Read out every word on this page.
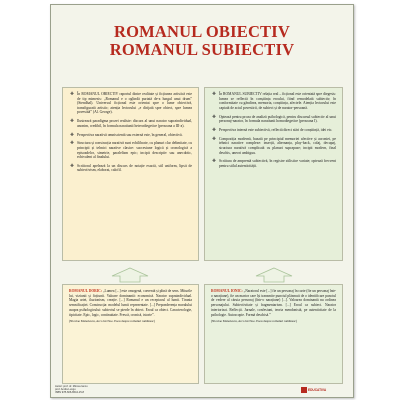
ROMANUL OBIECTIV
ROMANUL SUBIECTIV
❖ În ROMANUL OBIECTIV raportul dintre realitate și ficțiunea artistică este de tip mimesis: „Romanul e o oglindă purtată de-a lungul unui drum” (Stendhal). Universul ficțional este orientat spre o lume obiectivă, transfigurată artistic; atenția lectorului „e dirijată spre obiect, spre lumea povestită” (Al. George).
❖ Ilustrează paradigma prozei realiste: discurs al unui narator supraindividual, anonim, credibil, în formula naratiunii heterodiegetice (persoana a III-a).
❖ Perspectiva narativă omniscientă sau externă este, în general, obiectivă.
❖ Structura și construcția narativă sunt echilibrate, cu planuri clar delimitate, cu principii și tehnici narative clasice: succesiune logică și cronologică a episoadelor, simetrie, paralelism epic; incipit descriptiv sau anecdotic, echivalent al finalului.
❖ Scriitorul apelează la un discurs de notație exactă, stil uniform, lipsit de subiectivism, elaborat, calofil.
❖ În ROMANUL SUBIECTIV relația real – ficțional este orientată spre diegesis: lumea se reflectă în conștiința eroului, fiind remodelată subiectiv, în conformitate cu gândirea, memoria, conștiința, afectele. Atenția lectorului este captată de actul povestirii, de subiect și de narator-persoană.
❖ Optează pentru proza de analiză psihologică, pentru discursul subiectiv al unui personaj-narator, în formula naratiunii homodiegetice (persoana I).
❖ Perspectiva internă este subiectivă, reflectă direct stări de conștiință, idei etc.
❖ Compoziția modernă, bazată pe principiul memoriei afective și acroniei, pe tehnici narative complexe: inserții, alternanța, play-back, colaj, decupaj, structura narativă complicată cu planuri suprapuse; incipit modern, final deschis, uneori ambiguu.
❖ Scriitura de amprentă subiectivă, în registre stilistice variate; optează frecvent pentru stilul autenticității.
ROMANUL DORIC: „Lumea [...] este omogenă, coerentă și plină de sens. Miturile lui, viziunii și ficțiunii. Valoare dominantă: economică. Narator supraindividual. Magia artei, iluzionism, creație. [...] Romanul e un receptacul al lumii. Tirania semnificației. Construcția: modelul lumii reprezentate. [...] Preponderența moralului asupra psihologicului: subiectul se pierde în obiect. Eroul ca obiect. Caracterologie, tipicitate. Epic, logic, continuitate. Frescă, cronică, istorie”.
(Nicolae Manolescu, Arca lui Noe. Eseu despre romanul românesc)
ROMANUL IONIC: „Naratorul este [...] fie un personaj în carte (fie un personaj într-o narațiune), fie un martor care își transmite punctul plăsmuit de o identificare punctul de vedere al căruia personaj (într-o narațiune) [...]. Valoarea dominantă nu ordinea personajului. Subiectivitate și fragmentarism. [...] Eroul ca subiect. Narator interiorizat. Reflecții. Jurnale, confesiuni, teoria mendonistă, pe autenticitate de la psihologie. Autoscopie. Formă deschisă.”
(Nicolae Manolescu, Arca lui Noe. Eseu despre romanul românesc)
Autori: prof. dr. Mircea Iancu
prof. Andra Lungu
ISBN 978-606-8644-15-8
EDUCATIVA
